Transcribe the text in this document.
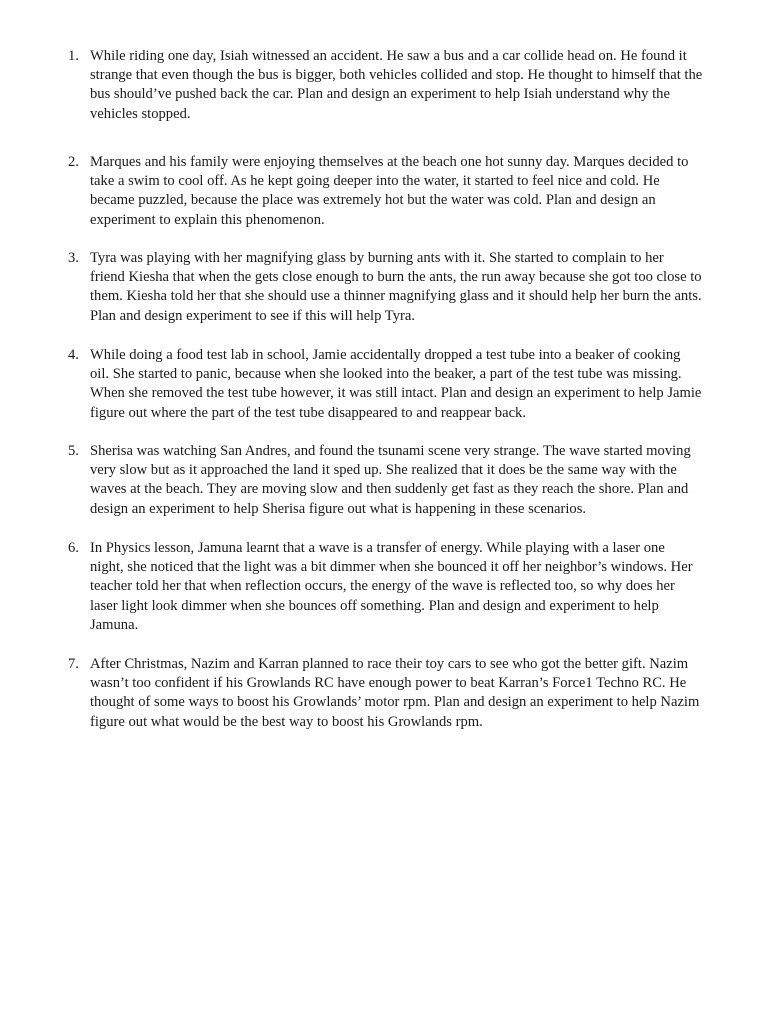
1. While riding one day, Isiah witnessed an accident. He saw a bus and a car collide head on. He found it
strange that even though the bus is bigger, both vehicles collided and stop. He thought to himself that the
bus should’ve pushed back the car. Plan and design an experiment to help Isiah understand why the
vehicles stopped.
2. Marques and his family were enjoying themselves at the beach one hot sunny day. Marques decided to
take a swim to cool off. As he kept going deeper into the water, it started to feel nice and cold. He
became puzzled, because the place was extremely hot but the water was cold. Plan and design an
experiment to explain this phenomenon.
3. Tyra was playing with her magnifying glass by burning ants with it. She started to complain to her
friend Kiesha that when the gets close enough to burn the ants, the run away because she got too close to
them. Kiesha told her that she should use a thinner magnifying glass and it should help her burn the ants.
Plan and design experiment to see if this will help Tyra.
4. While doing a food test lab in school, Jamie accidentally dropped a test tube into a beaker of cooking
oil. She started to panic, because when she looked into the beaker, a part of the test tube was missing.
When she removed the test tube however, it was still intact. Plan and design an experiment to help Jamie
figure out where the part of the test tube disappeared to and reappear back.
5. Sherisa was watching San Andres, and found the tsunami scene very strange. The wave started moving
very slow but as it approached the land it sped up. She realized that it does be the same way with the
waves at the beach. They are moving slow and then suddenly get fast as they reach the shore. Plan and
design an experiment to help Sherisa figure out what is happening in these scenarios.
6. In Physics lesson, Jamuna learnt that a wave is a transfer of energy. While playing with a laser one
night, she noticed that the light was a bit dimmer when she bounced it off her neighbor’s windows. Her
teacher told her that when reflection occurs, the energy of the wave is reflected too, so why does her
laser light look dimmer when she bounces off something. Plan and design and experiment to help
Jamuna.
7. After Christmas, Nazim and Karran planned to race their toy cars to see who got the better gift. Nazim
wasn’t too confident if his Growlands RC have enough power to beat Karran’s Force1 Techno RC. He
thought of some ways to boost his Growlands’ motor rpm. Plan and design an experiment to help Nazim
figure out what would be the best way to boost his Growlands rpm.
